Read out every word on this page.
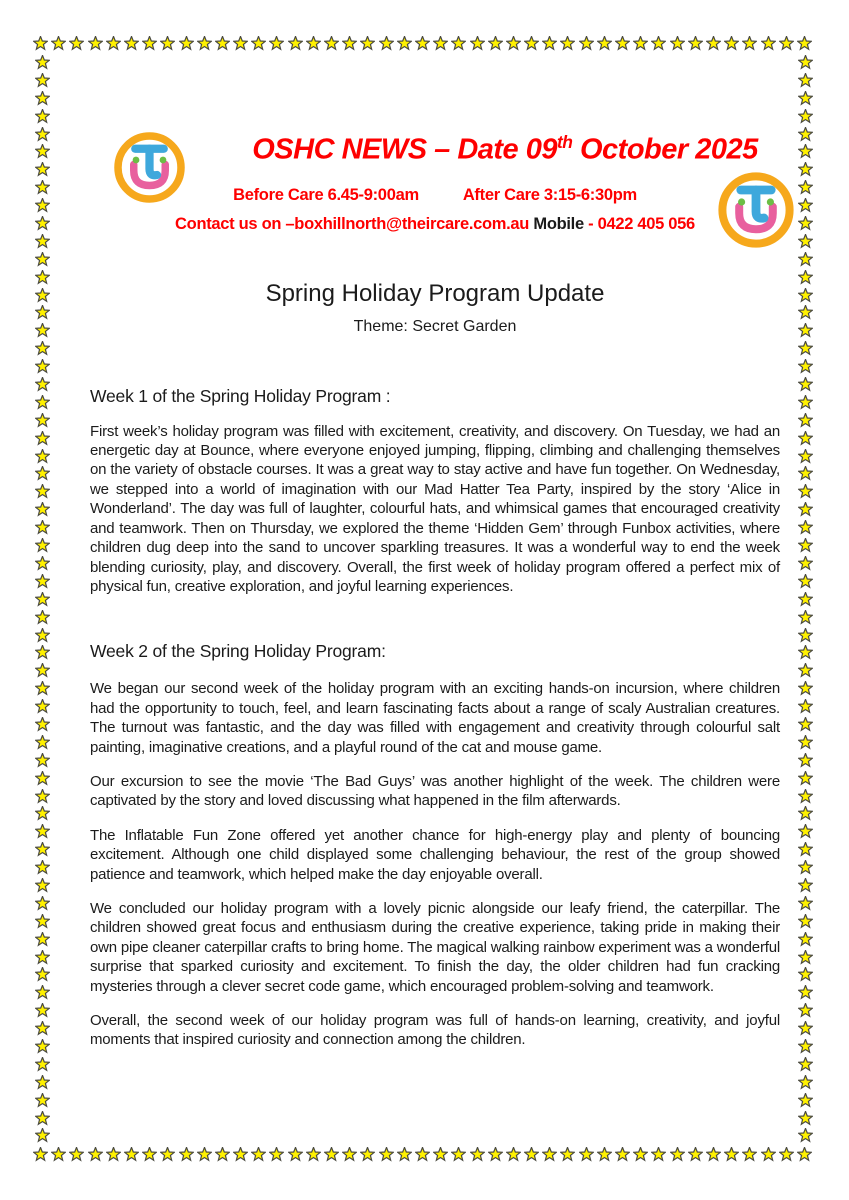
OSHC NEWS – Date 09th October 2025
Before Care 6.45-9:00am	After Care 3:15-6:30pm
Contact us on –boxhillnorth@theircare.com.au Mobile - 0422 405 056
Spring Holiday Program Update
Theme: Secret Garden
Week 1 of the Spring Holiday Program :

First week’s holiday program was filled with excitement, creativity, and discovery. On Tuesday, we had an energetic day at Bounce, where everyone enjoyed jumping, flipping, climbing and challenging themselves on the variety of obstacle courses. It was a great way to stay active and have fun together. On Wednesday, we stepped into a world of imagination with our Mad Hatter Tea Party, inspired by the story ‘Alice in Wonderland’. The day was full of laughter, colourful hats, and whimsical games that encouraged creativity and teamwork. Then on Thursday, we explored the theme ‘Hidden Gem’ through Funbox activities, where children dug deep into the sand to uncover sparkling treasures. It was a wonderful way to end the week blending curiosity, play, and discovery. Overall, the first week of holiday program offered a perfect mix of physical fun, creative exploration, and joyful learning experiences.

Week 2 of the Spring Holiday Program:

We began our second week of the holiday program with an exciting hands-on incursion, where children had the opportunity to touch, feel, and learn fascinating facts about a range of scaly Australian creatures. The turnout was fantastic, and the day was filled with engagement and creativity through colourful salt painting, imaginative creations, and a playful round of the cat and mouse game.

Our excursion to see the movie ‘The Bad Guys’ was another highlight of the week. The children were captivated by the story and loved discussing what happened in the film afterwards.

The Inflatable Fun Zone offered yet another chance for high-energy play and plenty of bouncing excitement. Although one child displayed some challenging behaviour, the rest of the group showed patience and teamwork, which helped make the day enjoyable overall.

We concluded our holiday program with a lovely picnic alongside our leafy friend, the caterpillar. The children showed great focus and enthusiasm during the creative experience, taking pride in making their own pipe cleaner caterpillar crafts to bring home. The magical walking rainbow experiment was a wonderful surprise that sparked curiosity and excitement. To finish the day, the older children had fun cracking mysteries through a clever secret code game, which encouraged problem-solving and teamwork.

Overall, the second week of our holiday program was full of hands-on learning, creativity, and joyful moments that inspired curiosity and connection among the children.
